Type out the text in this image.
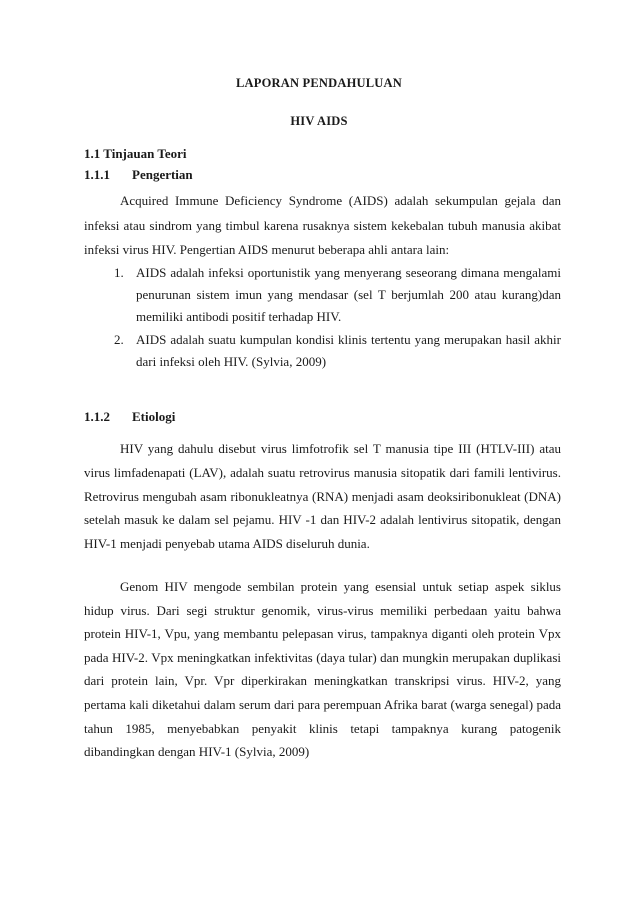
LAPORAN PENDAHULUAN
HIV AIDS
1.1 Tinjauan Teori
1.1.1 Pengertian

Acquired Immune Deficiency Syndrome (AIDS) adalah sekumpulan gejala dan infeksi atau sindrom yang timbul karena rusaknya sistem kekebalan tubuh manusia akibat infeksi virus HIV. Pengertian AIDS menurut beberapa ahli antara lain:

1. AIDS adalah infeksi oportunistik yang menyerang seseorang dimana mengalami penurunan sistem imun yang mendasar (sel T berjumlah 200 atau kurang)dan memiliki antibodi positif terhadap HIV.
2. AIDS adalah suatu kumpulan kondisi klinis tertentu yang merupakan hasil akhir dari infeksi oleh HIV. (Sylvia, 2009)
1.1.2 Etiologi

HIV yang dahulu disebut virus limfotrofik sel T manusia tipe III (HTLV-III) atau virus limfadenapati (LAV), adalah suatu retrovirus manusia sitopatik dari famili lentivirus. Retrovirus mengubah asam ribonukleatnya (RNA) menjadi asam deoksiribonukleat (DNA) setelah masuk ke dalam sel pejamu. HIV -1 dan HIV-2 adalah lentivirus sitopatik, dengan HIV-1 menjadi penyebab utama AIDS diseluruh dunia.

Genom HIV mengode sembilan protein yang esensial untuk setiap aspek siklus hidup virus. Dari segi struktur genomik, virus-virus memiliki perbedaan yaitu bahwa protein HIV-1, Vpu, yang membantu pelepasan virus, tampaknya diganti oleh protein Vpx pada HIV-2. Vpx meningkatkan infektivitas (daya tular) dan mungkin merupakan duplikasi dari protein lain, Vpr. Vpr diperkirakan meningkatkan transkripsi virus. HIV-2, yang pertama kali diketahui dalam serum dari para perempuan Afrika barat (warga senegal) pada tahun 1985, menyebabkan penyakit klinis tetapi tampaknya kurang patogenik dibandingkan dengan HIV-1 (Sylvia, 2009)
